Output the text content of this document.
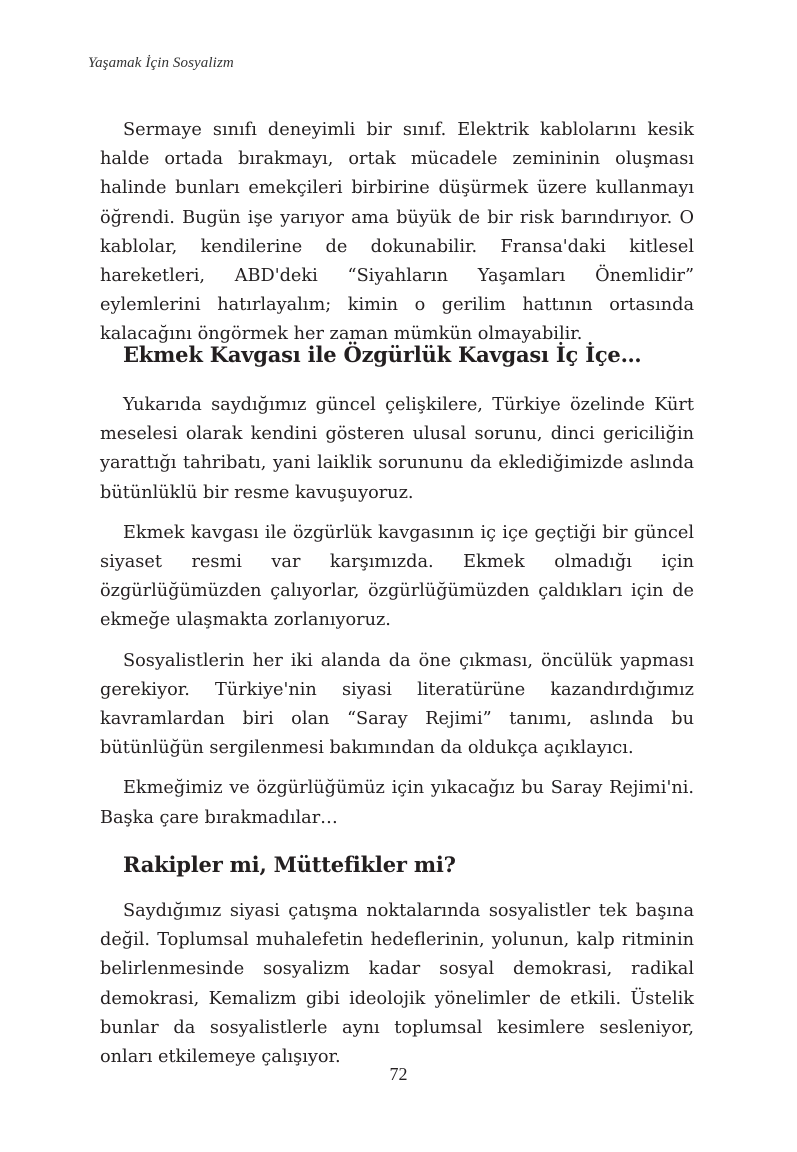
Yaşamak İçin Sosyalizm

Sermaye sınıfı deneyimli bir sınıf. Elektrik kablolarını kesik halde ortada bırakmayı, ortak mücadele zemininin oluşması halinde bunları emekçileri birbirine düşürmek üzere kullanmayı öğrendi. Bugün işe yarıyor ama büyük de bir risk barındırıyor. O kablolar, kendilerine de dokunabilir. Fransa'daki kitlesel hareketleri, ABD'deki “Siyahların Yaşamları Önemlidir” eylemlerini hatırlayalım; kimin o gerilim hattının ortasında kalacağını öngörmek her zaman mümkün olmayabilir.

Ekmek Kavgası ile Özgürlük Kavgası İç İçe…

Yukarıda saydığımız güncel çelişkilere, Türkiye özelinde Kürt meselesi olarak kendini gösteren ulusal sorunu, dinci gericiliğin yarattığı tahribatı, yani laiklik sorununu da eklediğimizde aslında bütünlüklü bir resme kavuşuyoruz.

Ekmek kavgası ile özgürlük kavgasının iç içe geçtiği bir güncel siyaset resmi var karşımızda. Ekmek olmadığı için özgürlüğümüzden çalıyorlar, özgürlüğümüzden çaldıkları için de ekmeğe ulaşmakta zorlanıyoruz.

Sosyalistlerin her iki alanda da öne çıkması, öncülük yapması gerekiyor. Türkiye'nin siyasi literatürüne kazandırdığımız kavramlardan biri olan “Saray Rejimi” tanımı, aslında bu bütünlüğün sergilenmesi bakımından da oldukça açıklayıcı.

Ekmeğimiz ve özgürlüğümüz için yıkacağız bu Saray Rejimi'ni. Başka çare bırakmadılar…

Rakipler mi, Müttefikler mi?

Saydığımız siyasi çatışma noktalarında sosyalistler tek başına değil. Toplumsal muhalefetin hedeflerinin, yolunun, kalp ritminin belirlenmesinde sosyalizm kadar sosyal demokrasi, radikal demokrasi, Kemalizm gibi ideolojik yönelimler de etkili. Üstelik bunlar da sosyalistlerle aynı toplumsal kesimlere sesleniyor, onları etkilemeye çalışıyor.

72
